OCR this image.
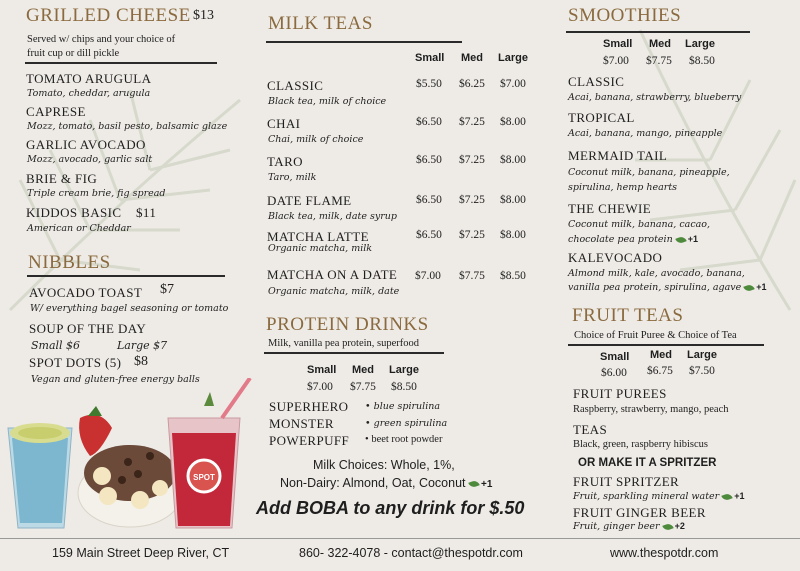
GRILLED CHEESE $13
Served w/ chips and your choice of
fruit cup or dill pickle
TOMATO ARUGULA
Tomato, cheddar, arugula
CAPRESE
Mozz, tomato, basil pesto, balsamic glaze
GARLIC AVOCADO
Mozz, avocado, garlic salt
BRIE & FIG
Triple cream brie, fig spread
KIDDOS BASIC $11
American or Cheddar
NIBBLES
AVOCADO TOAST $7
W/ everything bagel seasoning or tomato
SOUP OF THE DAY
Small $6	Large $7
SPOT DOTS (5) $8
Vegan and gluten-free energy balls
SPOT
MILK TEAS
Small Med Large
CLASSIC
Black tea, milk of choice
$5.50 $6.25 $7.00
CHAI
Chai, milk of choice
$6.50 $7.25 $8.00
TARO
Taro, milk
$6.50 $7.25 $8.00
DATE FLAME
Black tea, milk, date syrup
$6.50 $7.25 $8.00
MATCHA LATTE
Organic matcha, milk
$6.50 $7.25 $8.00
MATCHA ON A DATE
Organic matcha, milk, date
$7.00 $7.75 $8.50
PROTEIN DRINKS
Milk, vanilla pea protein, superfood
Small Med Large
$7.00 $7.75 $8.50
SUPERHERO • blue spirulina
MONSTER	• green spirulina
POWERPUFF • beet root powder
Milk Choices: Whole, 1%,
Non-Dairy: Almond, Oat, Coconut +1
Add BOBA to any drink for $.50
SMOOTHIES
Small Med Large
$7.00 $7.75 $8.50
CLASSIC
Acai, banana, strawberry, blueberry
TROPICAL
Acai, banana, mango, pineapple
MERMAID TAIL
Coconut milk, banana, pineapple,
spirulina, hemp hearts
THE CHEWIE
Coconut milk, banana, cacao,
chocolate pea protein +1
KALEVOCADO
Almond milk, kale, avocado, banana,
vanilla pea protein, spirulina, agave +1
FRUIT TEAS
Choice of Fruit Puree & Choice of Tea
Small Med Large
$6.00 $6.75 $7.50
FRUIT PUREES
Raspberry, strawberry, mango, peach
TEAS
Black, green, raspberry hibiscus
OR MAKE IT A SPRITZER
FRUIT SPRITZER
Fruit, sparkling mineral water +1
FRUIT GINGER BEER
Fruit, ginger beer +2
159 Main Street Deep River, CT	860- 322-4078 - contact@thespotdr.com	www.thespotdr.com
